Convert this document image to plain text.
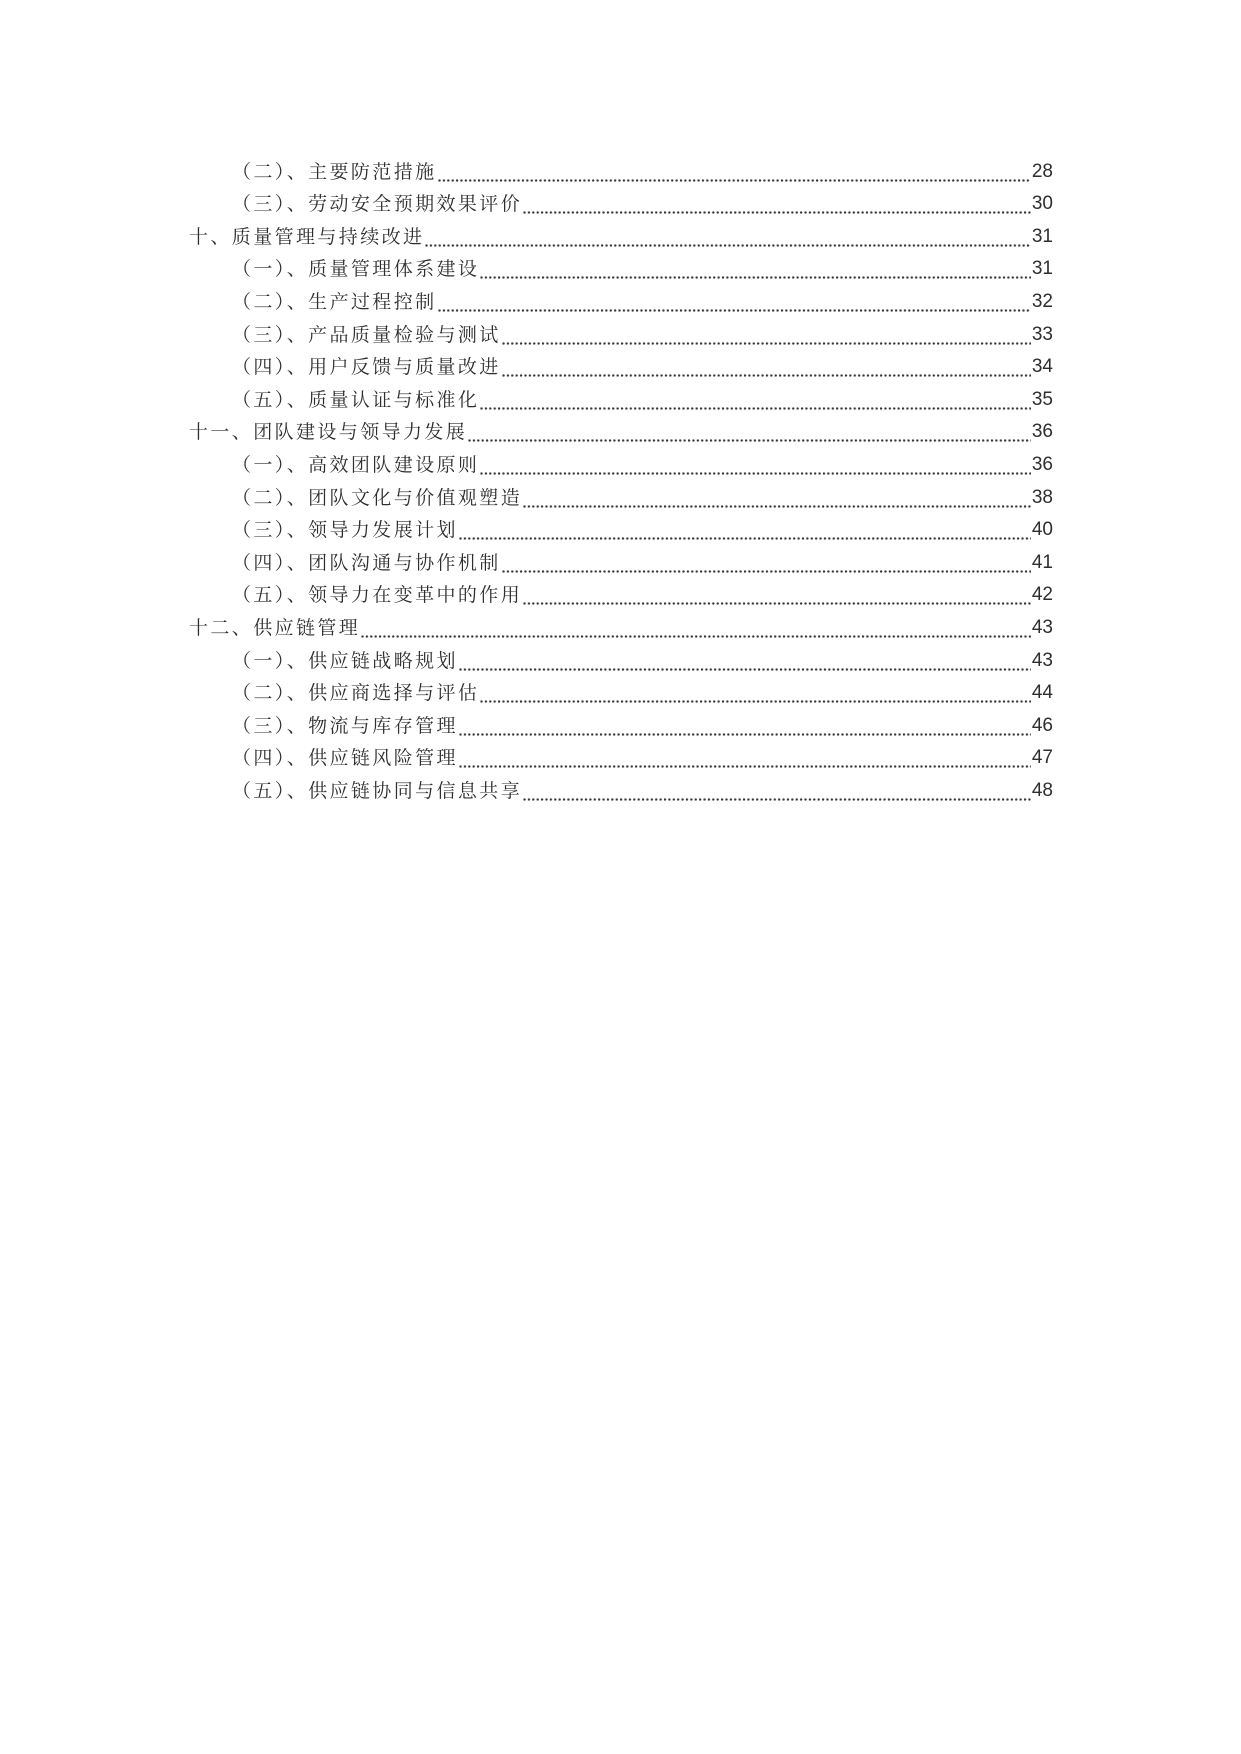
（二）、主要防范措施	28
（三）、劳动安全预期效果评价	30
十、质量管理与持续改进	31
（一）、质量管理体系建设	31
（二）、生产过程控制	32
（三）、产品质量检验与测试	33
（四）、用户反馈与质量改进	34
（五）、质量认证与标准化	35
十一、团队建设与领导力发展	36
（一）、高效团队建设原则	36
（二）、团队文化与价值观塑造	38
（三）、领导力发展计划	40
（四）、团队沟通与协作机制	41
（五）、领导力在变革中的作用	42
十二、供应链管理	43
（一）、供应链战略规划	43
（二）、供应商选择与评估	44
（三）、物流与库存管理	46
（四）、供应链风险管理	47
（五）、供应链协同与信息共享	48
